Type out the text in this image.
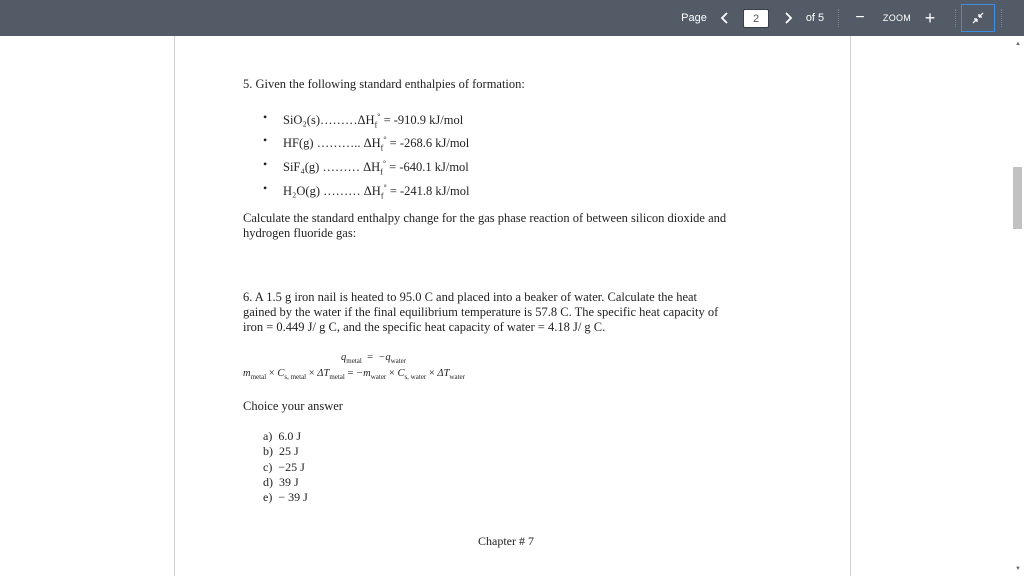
Page
2	of 5	−	ZOOM +
5. Given the following standard enthalpies of formation:
• $SiO_2(s)\dots\dots\dots\Delta H_f^\circ = -910.9$ kJ/mol
• HF(g) ……….. $\Delta H_f^\circ = -268.6$ kJ/mol
• SiF₄(g) ……… $\Delta H_f^\circ = -640.1$ kJ/mol
• H₂O(g) ……… $\Delta H_f^\circ = -241.8$ kJ/mol
Calculate the standard enthalpy change for the gas phase reaction of between silicon dioxide and
hydrogen fluoride gas:
6. A 1.5 g iron nail is heated to 95.0 C and placed into a beaker of water. Calculate the heat
gained by the water if the final equilibrium temperature is 57.8 C. The specific heat capacity of
iron = 0.449 J/ g C, and the specific heat capacity of water = 4.18 J/ g C.
$q_{metal} = -q_{water}$
$m_{metal} \times C_{s, metal} \times \Delta T_{metal} = -m_{water} \times C_{s, water} \times \Delta T_{water}$
Choice your answer
a) 6.0 J
b) 25 J
c) −25 J
d) 39 J
e) − 39 J
Chapter # 7
▲
▼
